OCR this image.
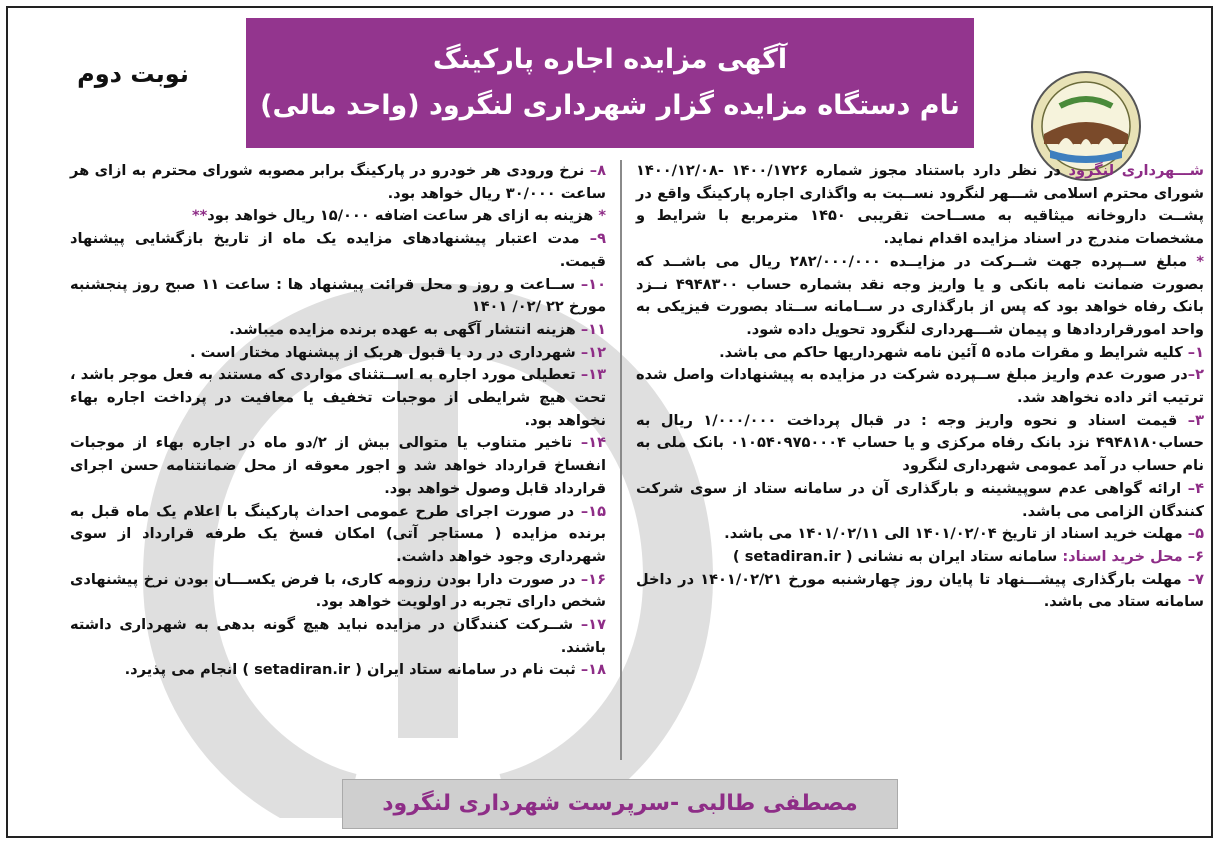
آگهی مزایده اجاره پارکینگ
نام دستگاه مزایده گزار شهرداری لنگرود (واحد مالی)
نوبت دوم

شـــهرداری لنگرود در نظر دارد باستناد مجوز شماره ۱۴۰۰/۱۷۲۶ -۱۴۰۰/۱۲/۰۸ شورای محترم اسلامی شـــهر لنگرود نســبت به واگذاری اجاره پارکینگ واقع در پشــت داروخانه میثاقیه به مســاحت تقریبی ۱۴۵۰ مترمربع با شرایط و مشخصات مندرج در اسناد مزایده اقدام نماید.

* مبلغ ســپرده جهت شــرکت در مزایــده ۲۸۲/۰۰۰/۰۰۰ ریال می باشــد که بصورت ضمانت نامه بانکی و یا واریز وجه نقد بشماره حساب ۴۹۴۸۳۰۰ نــزد بانک رفاه خواهد بود که پس از بارگذاری در ســامانه ســتاد بصورت فیزیکی به واحد امورقراردادها و پیمان شـــهرداری لنگرود تحویل داده شود.

۱– کلیه شرایط و مقرات ماده ۵ آئین نامه شهرداریها حاکم می باشد.

۲–در صورت عدم واریز مبلغ ســپرده شرکت در مزایده به پیشنهادات واصل شده ترتیب اثر داده نخواهد شد.

۳– قیمت اسناد و نحوه واریز وجه : در قبال پرداخت ۱/۰۰۰/۰۰۰ ریال به حساب۴۹۴۸۱۸۰ نزد بانک رفاه مرکزی و یا حساب ۰۱۰۵۴۰۹۷۵۰۰۰۴ بانک ملی به نام حساب در آمد عمومی شهرداری لنگرود

۴– ارائه گواهی عدم سوپیشینه و بارگذاری آن در سامانه ستاد از سوی شرکت کنندگان الزامی می باشد.

۵– مهلت خرید اسناد از تاریخ ۱۴۰۱/۰۲/۰۴ الی ۱۴۰۱/۰۲/۱۱ می باشد.

۶– محل خرید اسناد: سامانه ستاد ایران به نشانی ( setadiran.ir )

۷– مهلت بارگذاری پیشـــنهاد تا پایان روز چهارشنبه مورخ ۱۴۰۱/۰۲/۲۱ در داخل سامانه ستاد می باشد.

۸– نرخ ورودی هر خودرو در پارکینگ برابر مصوبه شورای محترم به ازای هر ساعت ۳۰/۰۰۰ ریال خواهد بود.

* هزینه به ازای هر ساعت اضافه ۱۵/۰۰۰ ریال خواهد بود**

۹– مدت اعتبار پیشنهادهای مزایده یک ماه از تاریخ بازگشایی پیشنهاد قیمت.

۱۰– ســاعت و روز و محل قرائت پیشنهاد ها : ساعت ۱۱ صبح روز پنجشنبه مورخ ۲۲ /۰۲/ ۱۴۰۱

۱۱– هزینه انتشار آگهی به عهده برنده مزایده میباشد.

۱۲– شهرداری در رد یا قبول هریک از پیشنهاد مختار است .

۱۳– تعطیلی مورد اجاره به اســتثنای مواردی که مستند به فعل موجر باشد ، تحت هیچ شرایطی از موجبات تخفیف یا معافیت در پرداخت اجاره بهاء نخواهد بود.

۱۴– تاخیر متناوب یا متوالی بیش از ۲/دو ماه در اجاره بهاء از موجبات انفساخ قرارداد خواهد شد و اجور معوقه از محل ضمانتنامه حسن اجرای قرارداد قابل وصول خواهد بود.

۱۵– در صورت اجرای طرح عمومی احداث پارکینگ با اعلام یک ماه قبل به برنده مزایده ( مستاجر آتی) امکان فسخ یک طرفه قرارداد از سوی شهرداری وجود خواهد داشت.

۱۶– در صورت دارا بودن رزومه کاری، با فرض یکســـان بودن نرخ پیشنهادی شخص دارای تجربه در اولویت خواهد بود.

۱۷– شــرکت کنندگان در مزایده نباید هیچ گونه بدهی به شهرداری داشته باشند.

۱۸– ثبت نام در سامانه ستاد ایران ( setadiran.ir ) انجام می پذیرد.

مصطفی طالبی -سرپرست شهرداری لنگرود
